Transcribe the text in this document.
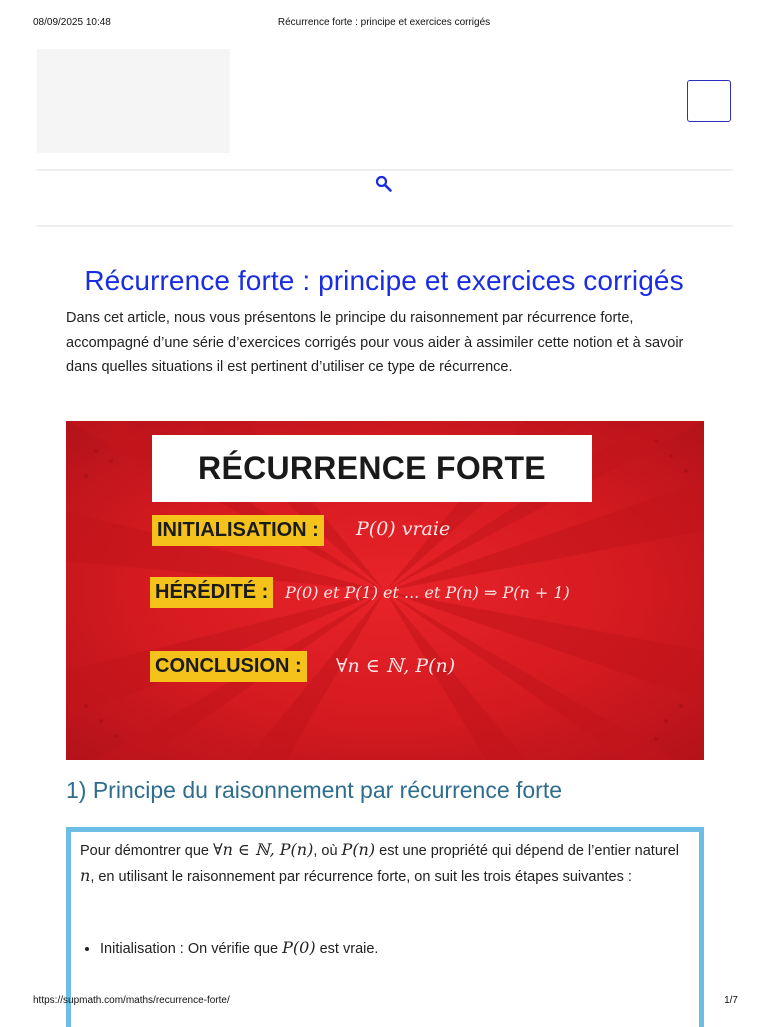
08/09/2025 10:48	Récurrence forte : principe et exercices corrigés
Récurrence forte : principe et exercices corrigés

Dans cet article, nous vous présentons le principe du raisonnement par récurrence forte, accompagné d’une série d’exercices corrigés pour vous aider à assimiler cette notion et à savoir dans quelles situations il est pertinent d’utiliser ce type de récurrence.

RÉCURRENCE FORTE
INITIALISATION : P(0) vraie
HÉRÉDITÉ :	P(0) et P(1) et ... et P(n) ⇒ P(n + 1)
CONCLUSION : ∀n ∈ ℕ, P(n)
1) Principe du raisonnement par récurrence forte

Pour démontrer que ∀n ∈ ℕ, P(n), où P(n) est une propriété qui dépend de l’entier naturel n, en utilisant le raisonnement par récurrence forte, on suit les trois étapes suivantes :

• Initialisation : On vérifie que P(0) est vraie.
https://supmath.com/maths/recurrence-forte/	1/7
